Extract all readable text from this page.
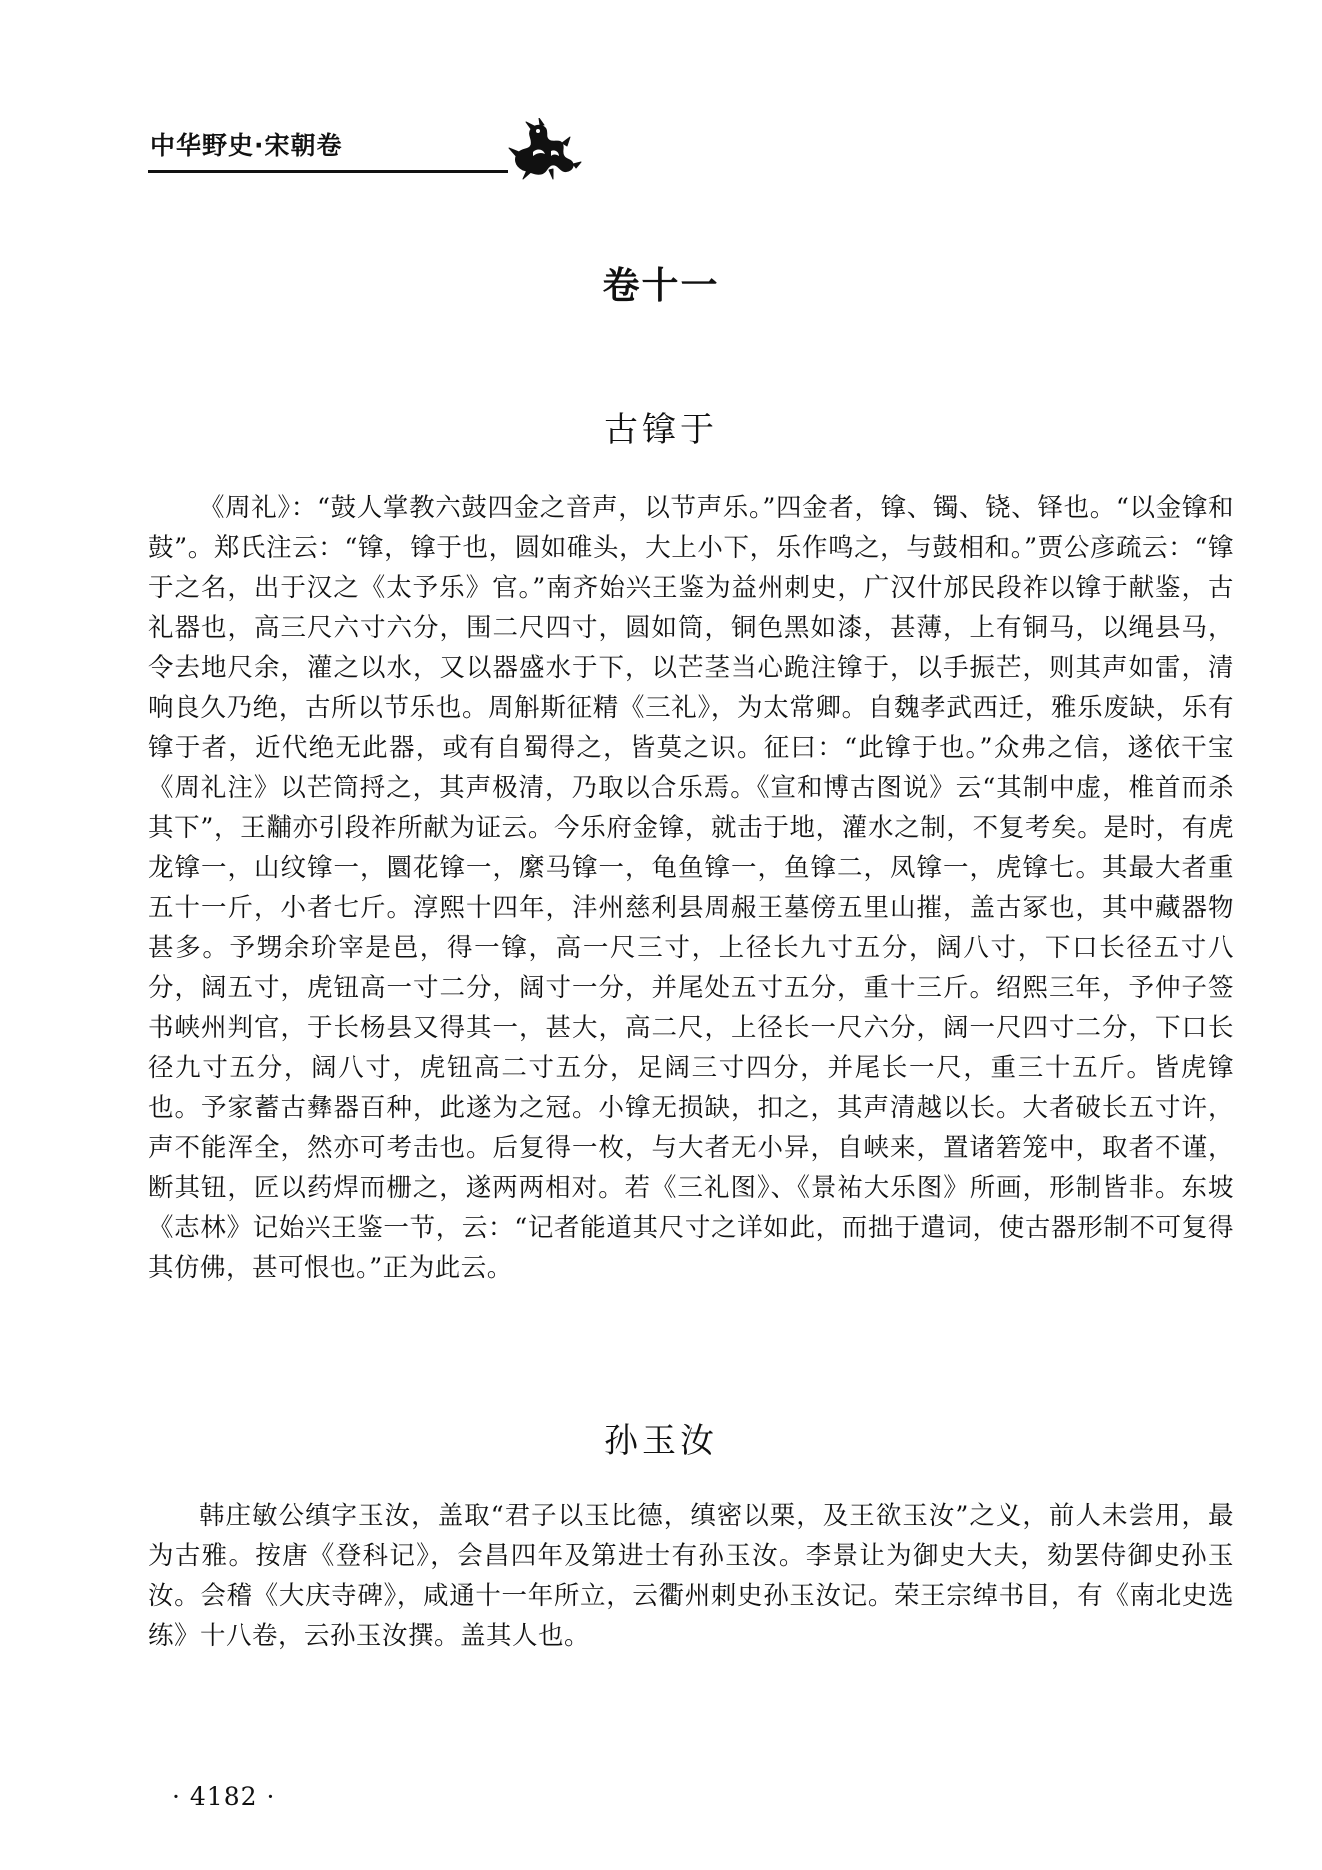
中华野史·宋朝卷
卷十一
古镎于

《周礼》：“鼓人掌教六鼓四金之音声，以节声乐。”四金者，镎、镯、铙、铎也。“以金镎和鼓”。郑氏注云：“镎，镎于也，圆如碓头，大上小下，乐作鸣之，与鼓相和。”贾公彦疏云：“镎于之名，出于汉之《太予乐》官。”南齐始兴王鉴为益州刺史，广汉什邡民段祚以镎于献鉴，古礼器也，高三尺六寸六分，围二尺四寸，圆如筒，铜色黑如漆，甚薄，上有铜马，以绳县马，令去地尺余，灌之以水，又以器盛水于下，以芒茎当心跪注镎于，以手振芒，则其声如雷，清响良久乃绝，古所以节乐也。周斛斯征精《三礼》，为太常卿。自魏孝武西迁，雅乐废缺，乐有镎于者，近代绝无此器，或有自蜀得之，皆莫之识。征曰：“此镎于也。”众弗之信，遂依干宝《周礼注》以芒筒捋之，其声极清，乃取以合乐焉。《宣和博古图说》云“其制中虚，椎首而杀其下”，王黼亦引段祚所献为证云。今乐府金镎，就击于地，灌水之制，不复考矣。是时，有虎龙镎一，山纹镎一，圜花镎一，縻马镎一，龟鱼镎一，鱼镎二，凤镎一，虎镎七。其最大者重五十一斤，小者七斤。淳熙十四年，沣州慈利县周赧王墓傍五里山摧，盖古冢也，其中藏器物甚多。予甥余玠宰是邑，得一镎，高一尺三寸，上径长九寸五分，阔八寸，下口长径五寸八分，阔五寸，虎钮高一寸二分，阔寸一分，并尾处五寸五分，重十三斤。绍熙三年，予仲子签书峡州判官，于长杨县又得其一，甚大，高二尺，上径长一尺六分，阔一尺四寸二分，下口长径九寸五分，阔八寸，虎钮高二寸五分，足阔三寸四分，并尾长一尺，重三十五斤。皆虎镎也。予家蓄古彝器百种，此遂为之冠。小镎无损缺，扣之，其声清越以长。大者破长五寸许，声不能浑全，然亦可考击也。后复得一枚，与大者无小异，自峡来，置诸箬笼中，取者不谨，断其钮，匠以药焊而栅之，遂两两相对。若《三礼图》、《景祐大乐图》所画，形制皆非。东坡《志林》记始兴王鉴一节，云：“记者能道其尺寸之详如此，而拙于遣词，使古器形制不可复得其仿佛，甚可恨也。”正为此云。

孙玉汝

韩庄敏公缜字玉汝，盖取“君子以玉比德，缜密以栗，及王欲玉汝”之义，前人未尝用，最为古雅。按唐《登科记》，会昌四年及第进士有孙玉汝。李景让为御史大夫，劾罢侍御史孙玉汝。会稽《大庆寺碑》，咸通十一年所立，云衢州刺史孙玉汝记。荣王宗绰书目，有《南北史选练》十八卷，云孙玉汝撰。盖其人也。

· 4182 ·
